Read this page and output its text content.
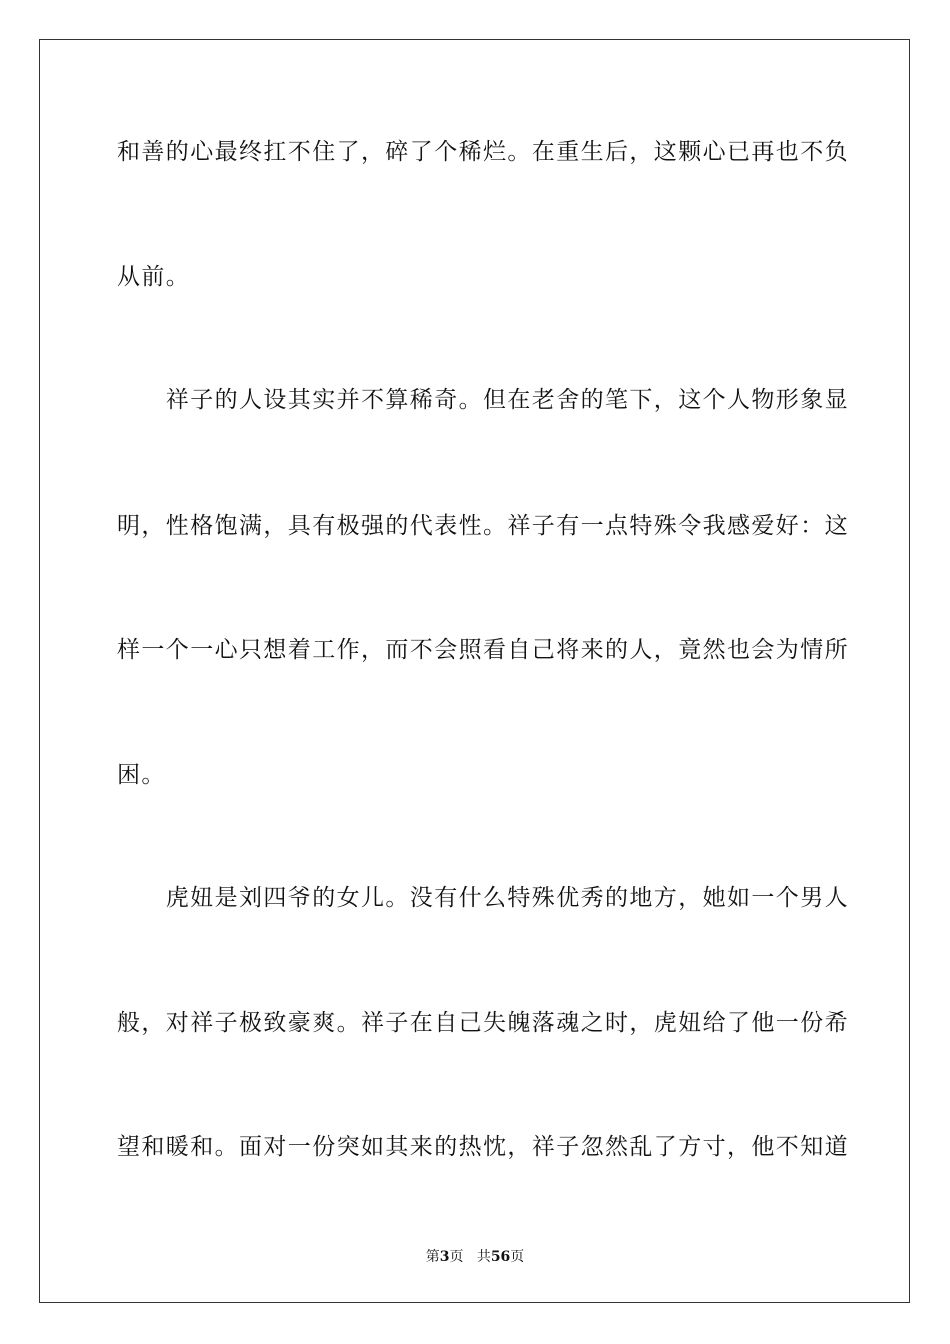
和善的心最终扛不住了，碎了个稀烂。在重生后，这颗心已再也不负
从前。
　　祥子的人设其实并不算稀奇。但在老舍的笔下，这个人物形象显
明，性格饱满，具有极强的代表性。祥子有一点特殊令我感爱好：这
样一个一心只想着工作，而不会照看自己将来的人，竟然也会为情所
困。
　　虎妞是刘四爷的女儿。没有什么特殊优秀的地方，她如一个男人
般，对祥子极致豪爽。祥子在自己失魄落魂之时，虎妞给了他一份希
望和暖和。面对一份突如其来的热忱，祥子忽然乱了方寸，他不知道
第3页 共56页
